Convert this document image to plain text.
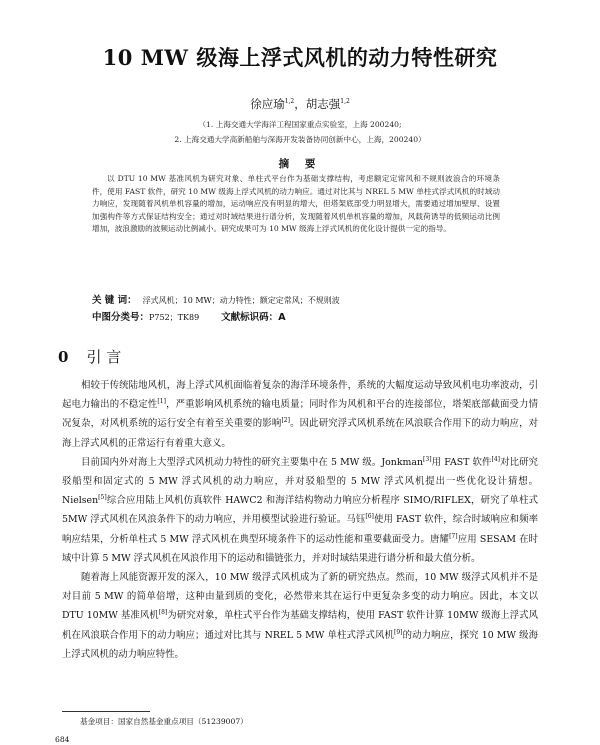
10 MW 级海上浮式风机的动力特性研究
徐应瑜$^{1,2}$，胡志强$^{1,2}$
（1. 上海交通大学海洋工程国家重点实验室，上海 200240;
2. 上海交通大学高新船舶与深海开发装备协同创新中心，上海，200240）
摘 要

以 DTU 10 MW 基准风机为研究对象、单柱式平台作为基础支撑结构，考虑额定定常风和不规则波浪合的环境条件，使用 FAST 软件，研究 10 MW 级海上浮式风机的动力响应。通过对比其与 NREL 5 MW 单柱式浮式风机的时域动力响应，发现随着风机单机容量的增加，运动响应没有明显的增大，但塔架底部受力明显增大，需要通过增加壁厚、设置加强构件等方式保证结构安全；通过对时域结果进行谱分析，发现随着风机单机容量的增加，风载荷诱导的低频运动比例增加，波浪激励的波频运动比例减小。研究成果可为 10 MW 级海上浮式风机的优化设计提供一定的指导。

关 键 词： 浮式风机；10 MW；动力特性；额定定常风；不规则波
中图分类号：P752；TK89 文献标识码：A
0 引 言

相较于传统陆地风机，海上浮式风机面临着复杂的海洋环境条件，系统的大幅度运动导致风机电功率波动，引起电力输出的不稳定性[1]，严重影响风机系统的输电质量；同时作为风机和平台的连接部位，塔架底部截面受力情况复杂，对风机系统的运行安全有着至关重要的影响[2]。因此研究浮式风机系统在风浪联合作用下的动力响应，对海上浮式风机的正常运行有着重大意义。

目前国内外对海上大型浮式风机动力特性的研究主要集中在 5 MW 级。Jonkman[3]用 FAST 软件[4]对比研究驳船型和固定式的 5 MW 浮式风机的动力响应，并对驳船型的 5 MW 浮式风机提出一些优化设计猜想。Nielsen[5]综合应用陆上风机仿真软件 HAWC2 和海洋结构物动力响应分析程序 SIMO/RIFLEX，研究了单柱式 5MW 浮式风机在风浪条件下的动力响应，并用模型试验进行验证。马钰[6]使用 FAST 软件，综合时域响应和频率响应结果，分析单柱式 5 MW 浮式风机在典型环境条件下的运动性能和重要截面受力。唐耀[7]应用 SESAM 在时域中计算 5 MW 浮式风机在风浪作用下的运动和锚链张力，并对时域结果进行谱分析和最大值分析。

随着海上风能资源开发的深入，10 MW 级浮式风机成为了新的研究热点。然而，10 MW 级浮式风机并不是对目前 5 MW 的简单倍增，这种由量到质的变化，必然带来其在运行中更复杂多变的动力响应。因此，本文以 DTU 10MW 基准风机[8]为研究对象，单柱式平台作为基础支撑结构，使用 FAST 软件计算 10MW 级海上浮式风机在风浪联合作用下的动力响应；通过对比其与 NREL 5 MW 单柱式浮式风机[9]的动力响应，探究 10 MW 级海上浮式风机的动力响应特性。

基金项目：国家自然基金重点项目（51239007）
684
